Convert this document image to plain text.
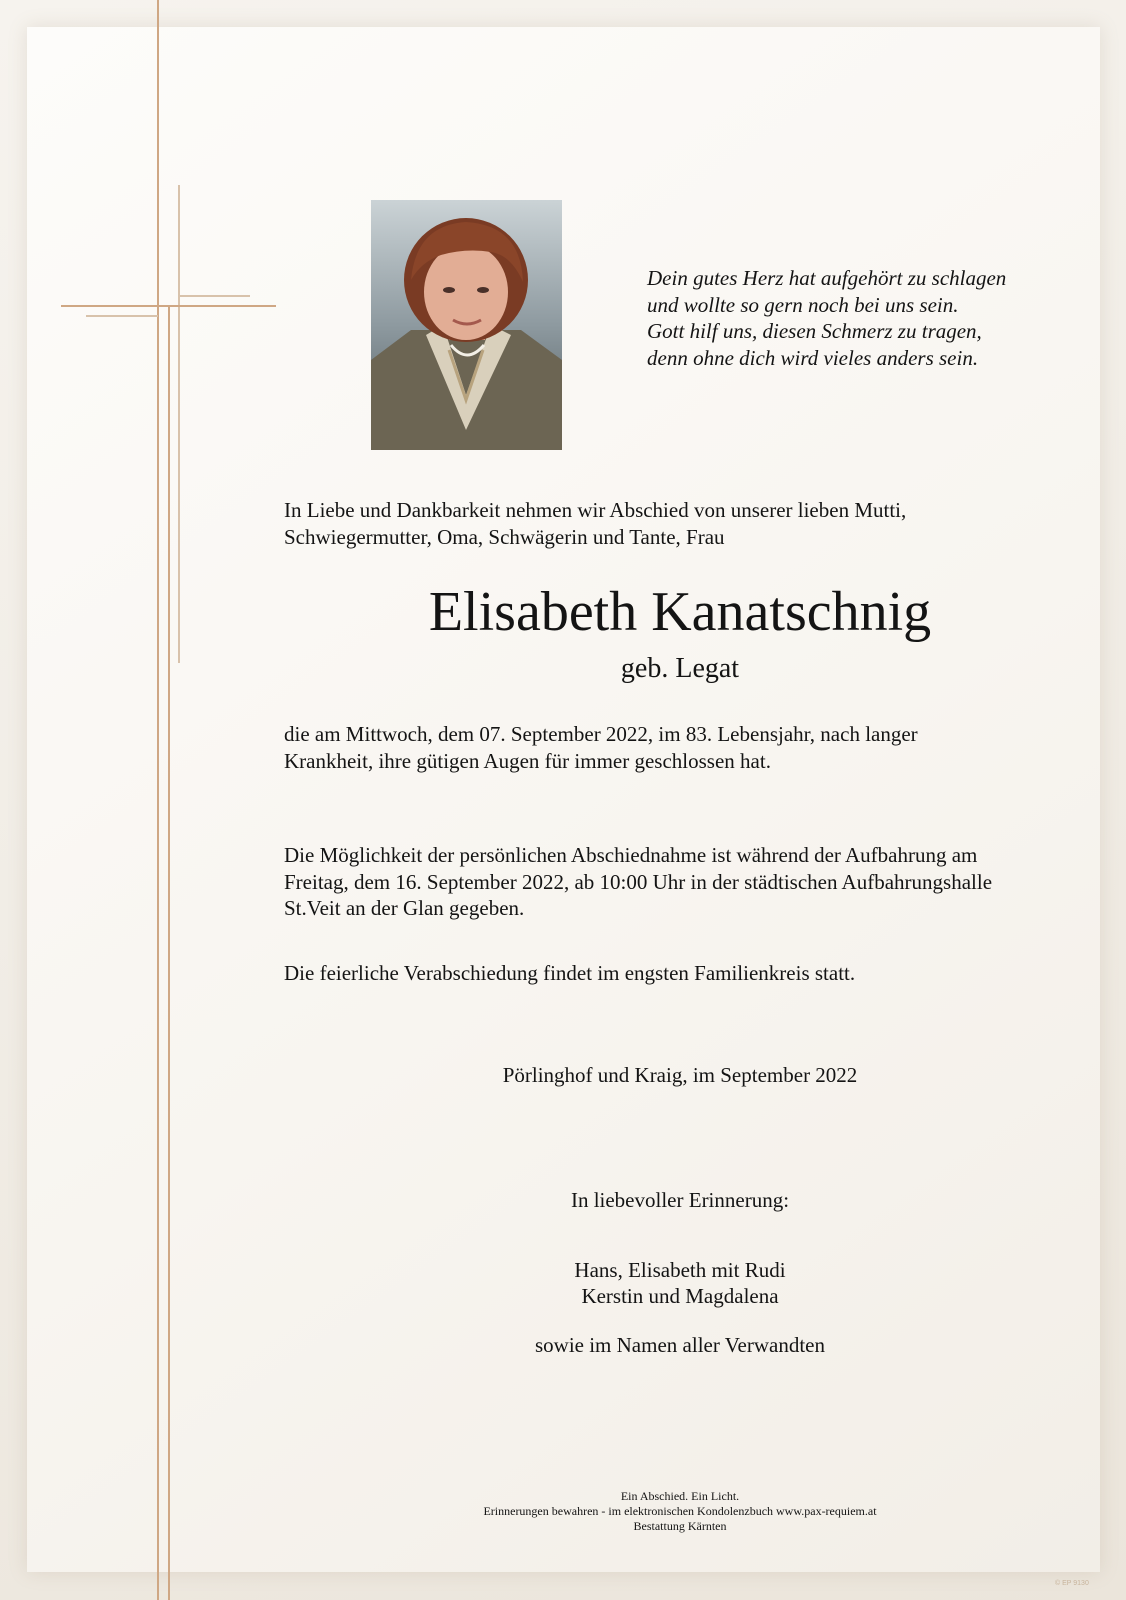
Dein gutes Herz hat aufgehört zu schlagen
und wollte so gern noch bei uns sein.
Gott hilf uns, diesen Schmerz zu tragen,
denn ohne dich wird vieles anders sein.
In Liebe und Dankbarkeit nehmen wir Abschied von unserer lieben Mutti,
Schwiegermutter, Oma, Schwägerin und Tante, Frau
Elisabeth Kanatschnig
geb. Legat
die am Mittwoch, dem 07. September 2022, im 83. Lebensjahr, nach langer
Krankheit, ihre gütigen Augen für immer geschlossen hat.
Die Möglichkeit der persönlichen Abschiednahme ist während der Aufbahrung am
Freitag, dem 16. September 2022, ab 10:00 Uhr in der städtischen Aufbahrungshalle
St.Veit an der Glan gegeben.
Die feierliche Verabschiedung findet im engsten Familienkreis statt.
Pörlinghof und Kraig, im September 2022
In liebevoller Erinnerung:
Hans, Elisabeth mit Rudi
Kerstin und Magdalena
sowie im Namen aller Verwandten
Ein Abschied. Ein Licht.
Erinnerungen bewahren - im elektronischen Kondolenzbuch www.pax-requiem.at
Bestattung Kärnten
© EP 9130
